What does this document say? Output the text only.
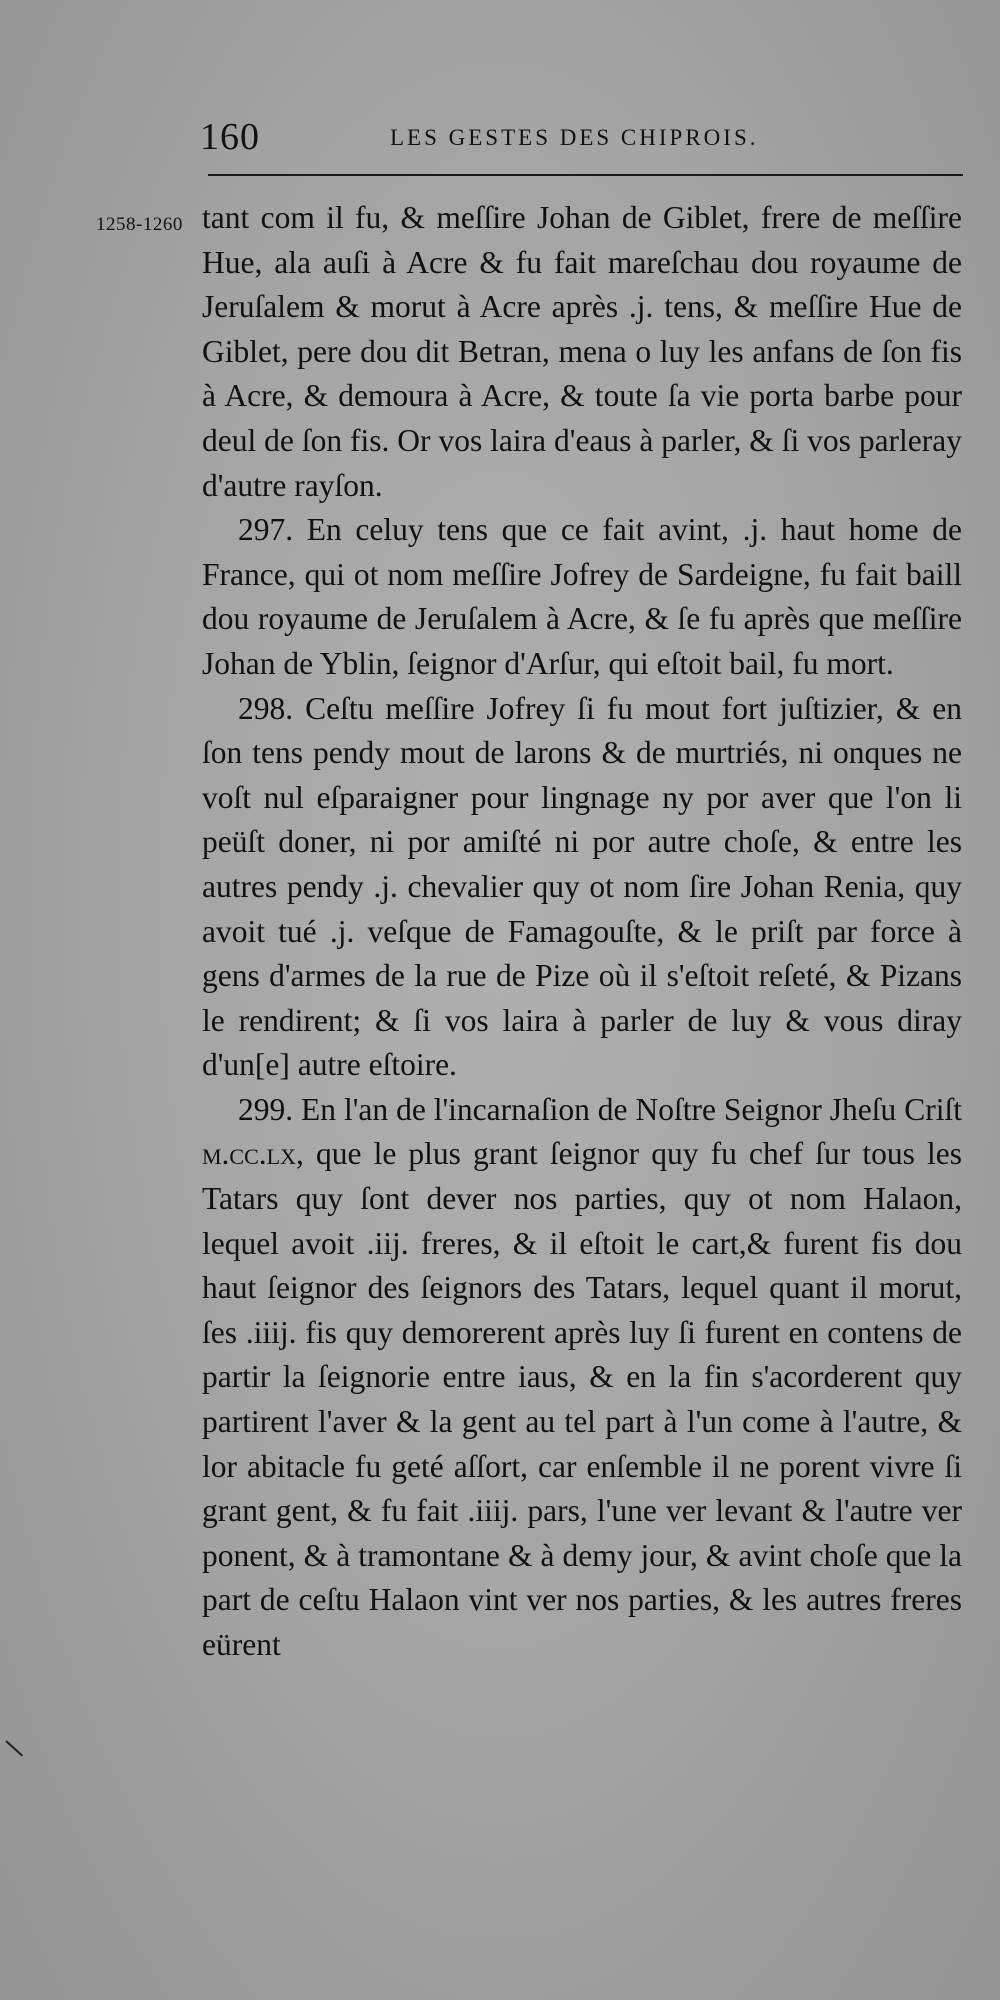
160	LES GESTES DES CHIPROIS.
1258-1260 tant com il fu, & meſſire Johan de Giblet, frere de meſſire Hue, ala auſi à Acre & fu fait mareſchau dou royaume de Jeruſalem & morut à Acre après .j. tens, & meſſire Hue de Giblet, pere dou dit Betran, mena o luy les anfans de ſon fis à Acre, & demoura à Acre, & toute ſa vie porta barbe pour deul de ſon fis. Or vos laira d'eaus à parler, & ſi vos parleray d'autre rayſon.

297. En celuy tens que ce fait avint, .j. haut home de France, qui ot nom meſſire Jofrey de Sardeigne, fu fait baill dou royaume de Jeruſalem à Acre, & ſe fu après que meſſire Johan de Yblin, ſeignor d'Arſur, qui eſtoit bail, fu mort.

298. Ceſtu meſſire Jofrey ſi fu mout fort juſtizier, & en ſon tens pendy mout de larons & de murtriés, ni onques ne voſt nul eſparaigner pour lingnage ny por aver que l'on li peüſt doner, ni por amiſté ni por autre choſe, & entre les autres pendy .j. chevalier quy ot nom ſire Johan Renia, quy avoit tué .j. veſque de Famagouſte, & le priſt par force à gens d'armes de la rue de Pize où il s'eſtoit reſeté, & Pizans le rendirent; & ſi vos laira à parler de luy & vous diray d'un[e] autre eſtoire.

299. En l'an de l'incarnaſion de Noſtre Seignor Jheſu Criſt m.cc.lx, que le plus grant ſeignor quy fu chef ſur tous les Tatars quy ſont dever nos parties, quy ot nom Halaon, lequel avoit .iij. freres, & il eſtoit le cart,& furent fis dou haut ſeignor des ſeignors des Tatars, lequel quant il morut, ſes .iiij. fis quy demorerent après luy ſi furent en contens de partir la ſeignorie entre iaus, & en la fin s'acorderent quy partirent l'aver & la gent au tel part à l'un come à l'autre, & lor abitacle fu geté aſſort, car enſemble il ne porent vivre ſi grant gent, & fu fait .iiij. pars, l'une ver levant & l'autre ver ponent, & à tramontane & à demy jour, & avint choſe que la part de ceſtu Halaon vint ver nos parties, & les autres freres eürent
